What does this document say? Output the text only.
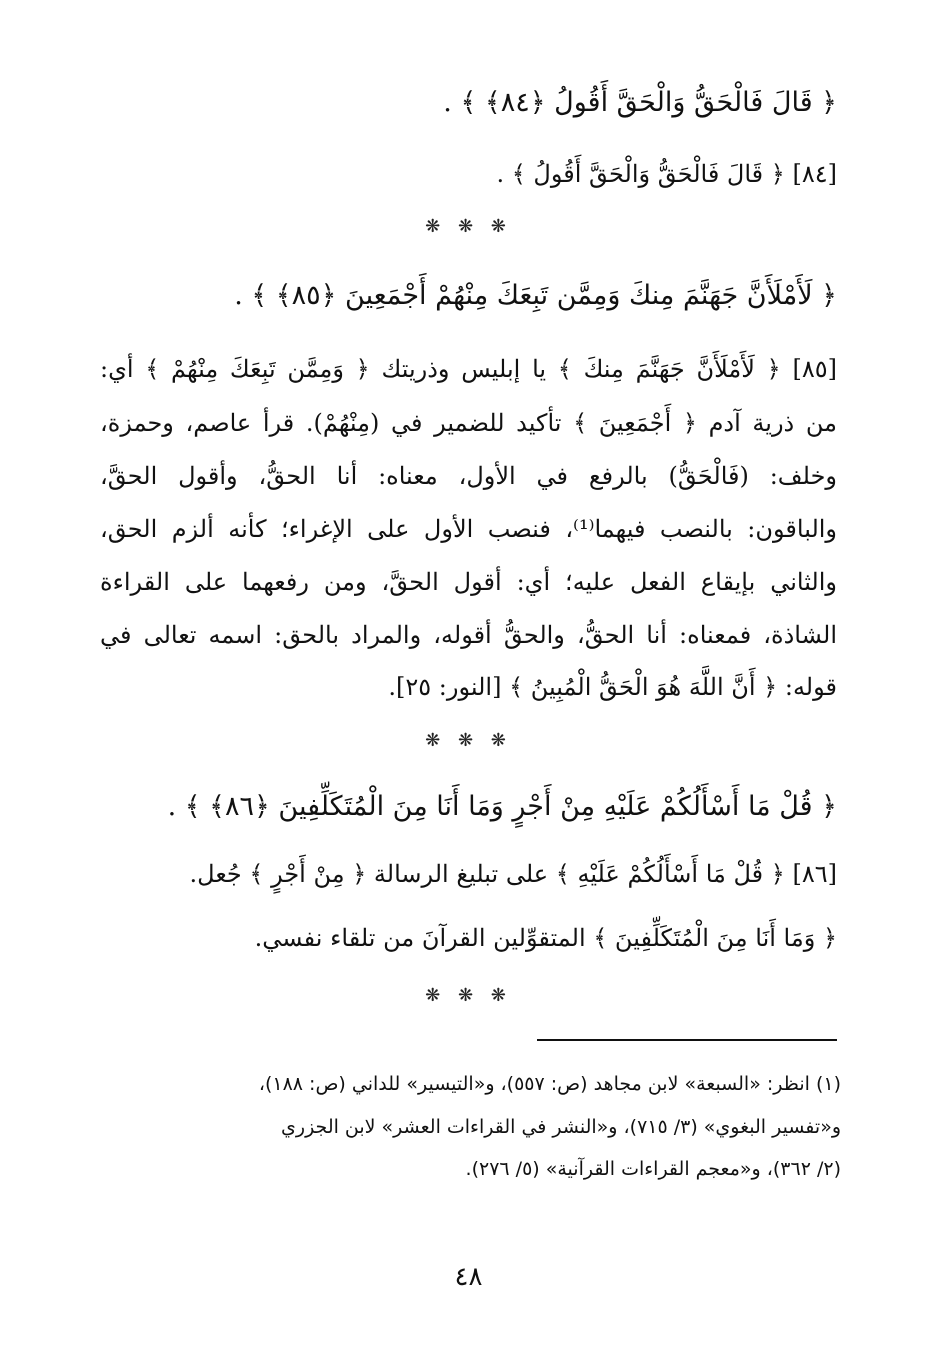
﴿ قَالَ فَالْحَقُّ وَالْحَقَّ أَقُولُ ﴿٨٤﴾ ﴾ .
[٨٤] ﴿ قَالَ فَالْحَقُّ وَالْحَقَّ أَقُولُ ﴾ .
❋ ❋ ❋
﴿ لَأَمْلَأَنَّ جَهَنَّمَ مِنكَ وَمِمَّن تَبِعَكَ مِنْهُمْ أَجْمَعِينَ ﴿٨٥﴾ ﴾ .
[٨٥] ﴿ لَأَمْلَأَنَّ جَهَنَّمَ مِنكَ ﴾ يا إبليس وذريتك ﴿ وَمِمَّن تَبِعَكَ مِنْهُمْ ﴾ أي:
من ذرية آدم ﴿ أَجْمَعِينَ ﴾ تأكيد للضمير في (مِنْهُمْ). قرأ عاصم، وحمزة،
وخلف: (فَالْحَقُّ) بالرفع في الأول، معناه: أنا الحقُّ، وأقول الحقَّ،
والباقون: بالنصب فيهما⁽¹⁾، فنصب الأول على الإغراء؛ كأنه ألزم الحق،
والثاني بإيقاع الفعل عليه؛ أي: أقول الحقَّ، ومن رفعهما على القراءة
الشاذة، فمعناه: أنا الحقُّ، والحقُّ أقوله، والمراد بالحق: اسمه تعالى في
قوله: ﴿ أَنَّ اللَّهَ هُوَ الْحَقُّ الْمُبِينُ ﴾ [النور: ٢٥].
❋ ❋ ❋
﴿ قُلْ مَا أَسْأَلُكُمْ عَلَيْهِ مِنْ أَجْرٍ وَمَا أَنَا مِنَ الْمُتَكَلِّفِينَ ﴿٨٦﴾ ﴾ .
[٨٦] ﴿ قُلْ مَا أَسْأَلُكُمْ عَلَيْهِ ﴾ على تبليغ الرسالة ﴿ مِنْ أَجْرٍ ﴾ جُعل.
﴿ وَمَا أَنَا مِنَ الْمُتَكَلِّفِينَ ﴾ المتقوِّلين القرآنَ من تلقاء نفسي.
❋ ❋ ❋
(١) انظر: «السبعة» لابن مجاهد (ص: ٥٥٧)، و«التيسير» للداني (ص: ١٨٨)،
و«تفسير البغوي» (٣/ ٧١٥)، و«النشر في القراءات العشر» لابن الجزري
(٢/ ٣٦٢)، و«معجم القراءات القرآنية» (٥/ ٢٧٦).
٤٨
